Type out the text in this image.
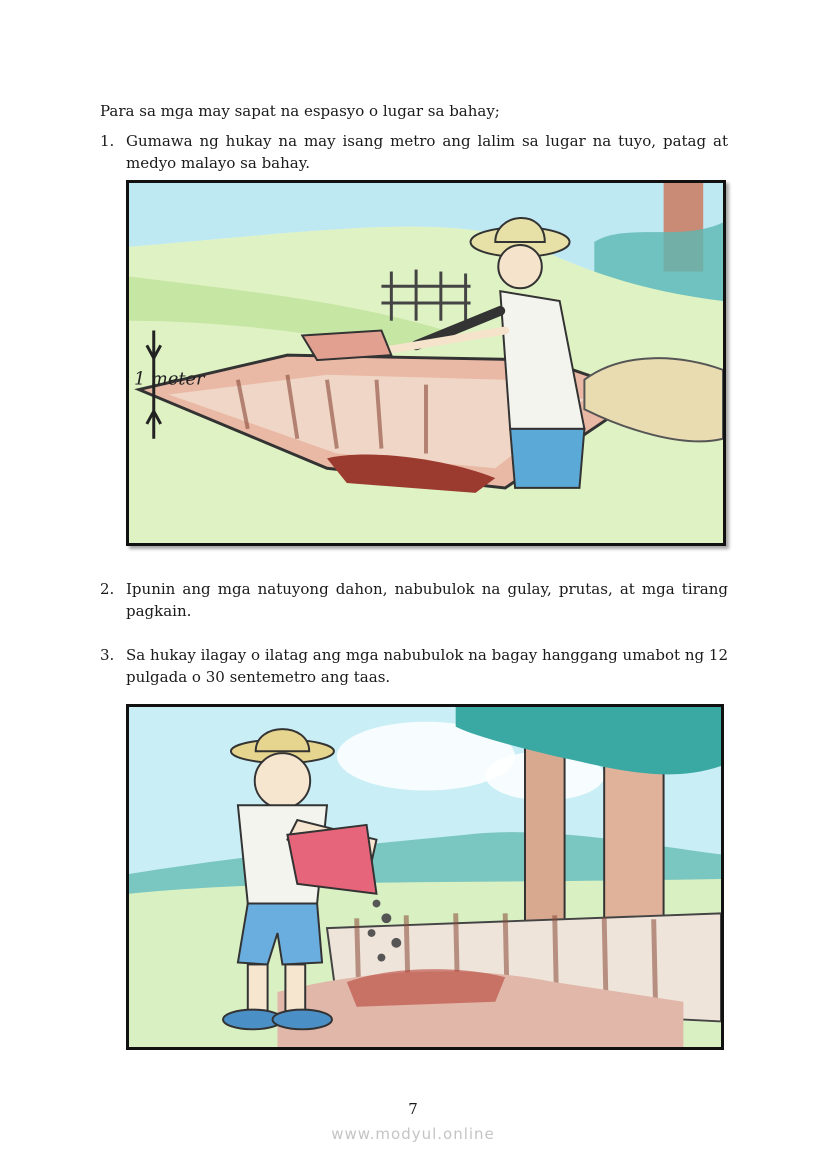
Para sa mga may sapat na espasyo o lugar sa bahay;
1. Gumawa ng hukay na may isang metro ang lalim sa lugar na tuyo, patag at medyo malayo sa bahay.
1 meter
2. Ipunin ang mga natuyong dahon, nabubulok na gulay, prutas, at mga tirang pagkain.
3. Sa hukay ilagay o ilatag ang mga nabubulok na bagay hanggang umabot ng 12 pulgada o 30 sentemetro ang taas.
7
www.modyul.online
